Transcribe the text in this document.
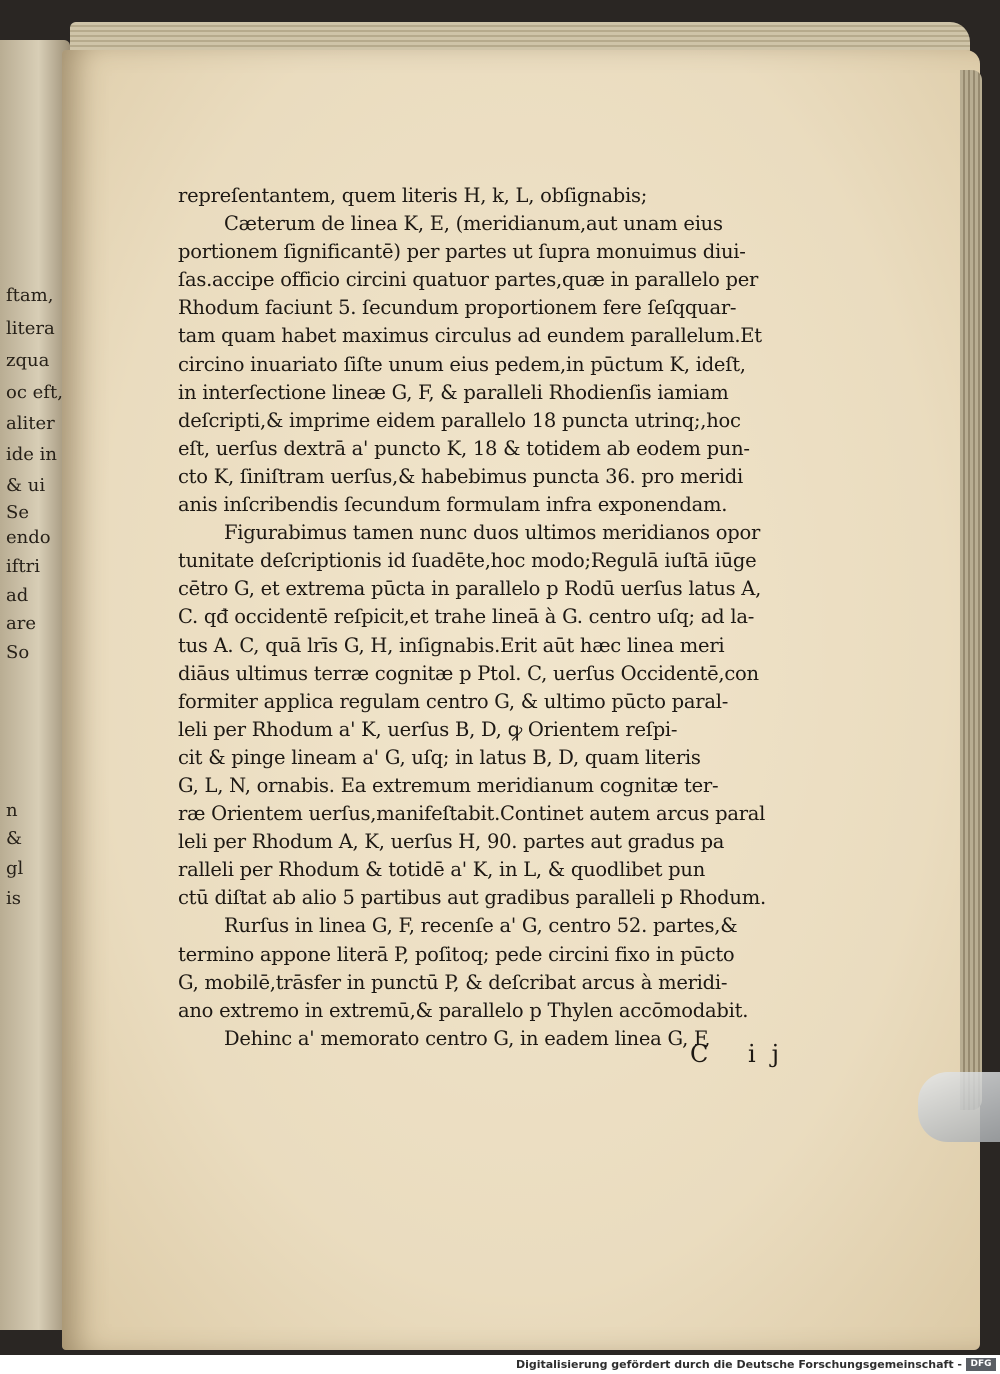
ftam,
litera
zqua
oc eft,
aliter
ide in
& ui
Se
endo
iftri
ad
are
So
n
&
gl
is
repreſentantem, quem literis H, k, L, obſignabis;
Cæterum de linea K, E, (meridianum,aut unam eius
portionem ſignificantē) per partes ut ſupra monuimus diui-
ſas.accipe officio circini quatuor partes,quæ in parallelo per
Rhodum faciunt 5. ſecundum proportionem fere ſeſqquar-
tam quam habet maximus circulus ad eundem parallelum.Et
circino inuariato ſiſte unum eius pedem,in pūctum K, ideſt,
in interſectione lineæ G, F, & paralleli Rhodienſis iamiam
deſcripti,& imprime eidem parallelo 18 puncta utrinq;,hoc
eſt, uerſus dextrā a' puncto K, 18 & totidem ab eodem pun-
cto K, ſiniſtram uerſus,& habebimus puncta 36. pro meridi
anis inſcribendis ſecundum formulam infra exponendam.
Figurabimus tamen nunc duos ultimos meridianos opor
tunitate deſcriptionis id ſuadēte,hoc modo;Regulā iuſtā iūge
cētro G, et extrema pūcta in parallelo p Rodū uerſus latus A,
C. qđ occidentē reſpicit,et trahe lineā à G. centro uſq; ad la-
tus A. C, quā lrīs G, H, inſignabis.Erit aūt hæc linea meri
diāus ultimus terræ cognitæ p Ptol. C, uerſus Occidentē,con
formiter applica regulam centro G, & ultimo pūcto paral-
leli per Rhodum a' K, uerſus B, D, ꝙ Orientem reſpi-
cit & pinge lineam a' G, uſq; in latus B, D, quam literis
G, L, N, ornabis. Ea extremum meridianum cognitæ ter-
ræ Orientem uerſus,manifeſtabit.Continet autem arcus paral
leli per Rhodum A, K, uerſus H, 90. partes aut gradus pa
ralleli per Rhodum & totidē a' K, in L, & quodlibet pun
ctū diſtat ab alio 5 partibus aut gradibus paralleli p Rhodum.
Rurſus in linea G, F, recenſe a' G, centro 52. partes,&
termino appone literā P, poſitoq; pede circini fixo in pūcto
G, mobilē,trāsfer in punctū P, & deſcribat arcus à meridi-
ano extremo in extremū,& parallelo p Thylen accōmodabit.
Dehinc a' memorato centro G, in eadem linea G, F,
C ij
Digitalisierung gefördert durch die Deutsche Forschungsgemeinschaft - DFG
